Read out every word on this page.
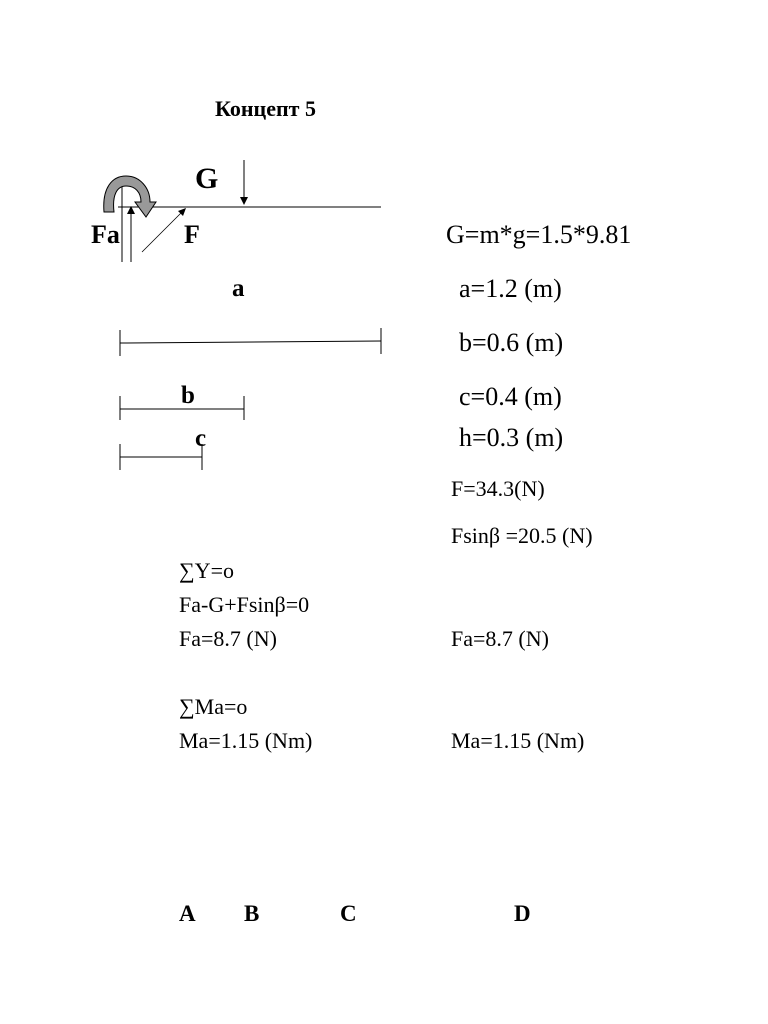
Концепт 5
G
Fa F
a
b
c
G=m*g=1.5*9.81
a=1.2 (m)
b=0.6 (m)
c=0.4 (m)
h=0.3 (m)
F=34.3(N)
Fsinβ =20.5 (N)
∑Y=o
Fa-G+Fsinβ=0
Fa=8.7 (N)
∑Ma=o
Ma=1.15 (Nm)
Fa=8.7 (N)
Ma=1.15 (Nm)
A B	C	D
